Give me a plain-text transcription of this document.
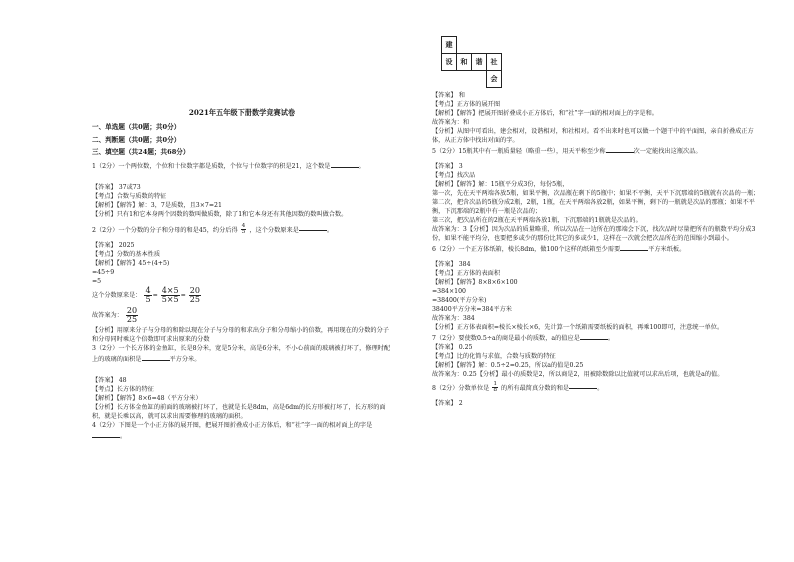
2021年五年级下册数学竞赛试卷

一、单选题（共0题；共0分）

二、判断题（共0题；共0分）

三、填空题（共24题；共68分）

1（2分）一个两位数，个位和十位数字都是质数，个位与十位数字的积是21，这个数是	。

【答案】 37或73

【考点】合数与质数的特征

【解析】【解答】解：3，7是质数，且3×7=21

【分析】只有1和它本身两个因数的数叫做质数，除了1和它本身还有其他因数的数叫做合数。

2（2分）一个分数的分子和分母的和是45，约分后得 $\frac{4}{5}$ ，这个分数原来是	。

【答案】 2025

【考点】分数的基本性质

【解析】【解答】45÷(4+5)

=45÷9

=5

这个分数原来是： $\frac{4}{5} = \frac{4\times 5}{5\times 5} = \frac{20}{25}$

故答案为： $\frac{20}{25}$

【分析】用原来分子与分母的和除以现在分子与分母的和求出分子和分母缩小的倍数，再用现在的分数的分子和分母同时乘这个倍数即可求出原来的分数

3（2分）一个长方体的金鱼缸，长是8分米，宽是5分米，高是6分米，不小心前面的玻璃被打坏了，修理时配上的玻璃的面积是	平方分米。

【答案】 48

【考点】长方体的特征

【解析】【解答】8×6=48（平方分米）

【分析】长方体金鱼缸的前面的玻璃被打坏了，也就是长是8dm，高是6dm的长方形被打坏了，长方形的面积，就是长乘以高，就可以求出需要修理的玻璃的面积。

4（2分）下图是一个小正方体的展开图，把展开图折叠成小正方体后，和“社”字一面的相对面上的字是。

建			
设	和	谐	社
			会

【答案】 和

【考点】正方体的展开图

【解析】【解答】把展开图折叠成小正方体后，和“社”字一面的相对面上的字是和。

故答案为：和

【分析】从图中可看出，建会相对，设谐相对，和社相对。看不出来时也可以做一个题干中的平面图，亲自折叠成正方体，从正方体中找出对面的字。

5（2分）15瓶其中有一瓶质量轻（略重一些），用天平称至少称	次一定能找出这瓶次品。

【答案】 3

【考点】找次品

【解析】【解答】解：15瓶平分成3份，每份5瓶，

第一次，先在天平两端各放5瓶，如果平衡，次品瓶在剩下的5瓶中；如果不平衡，天平下沉那端的5瓶就有次品的一瓶；

第二次，把含次品的5瓶分成2瓶，2瓶，1瓶，在天平两端各放2瓶，如果平衡，剩下的一瓶就是次品的那瓶；如果不平衡，下沉那端的2瓶中有一瓶是次品的；

第三次，把次品所在的2瓶在天平两端各放1瓶，下沉那端的1瓶就是次品的。

故答案为：3【分析】因为次品的质量略重，所以次品在一边所在的那端会下沉，找次品时尽量把所有的瓶数平均分成3份，如果不能平均分，也要把多或少的那份比其它的多或少1，这样在一次就会把次品所在的范围缩小到最小。

6（2分）一个正方体纸箱，棱长8dm，做100个这样的纸箱至少需要	平方米纸板。

【答案】 384

【考点】正方体的表面积

【解析】【解答】8×8×6×100

=384×100

=38400(平方分米)

38400平方分米=384平方米

故答案为：384

【分析】正方体表面积=棱长×棱长×6，先计算一个纸箱需要纸板的面积，再乘100即可，注意统一单位。

7（2分）要使数0.5÷a的商是最小的质数，a的值应是	。

【答案】 0.25

【考点】比的化简与求值，合数与质数的特征

【解析】【解答】解：0.5÷2=0.25，所以a的值是0.25

故答案为：0.25【分析】最小的质数是2，所以商是2，用被除数除以比值就可以求出后项，也就是a的值。

8（2分）分数单位是 $\frac{1}{8}$ 的所有最简真分数的和是	。

【答案】 2
